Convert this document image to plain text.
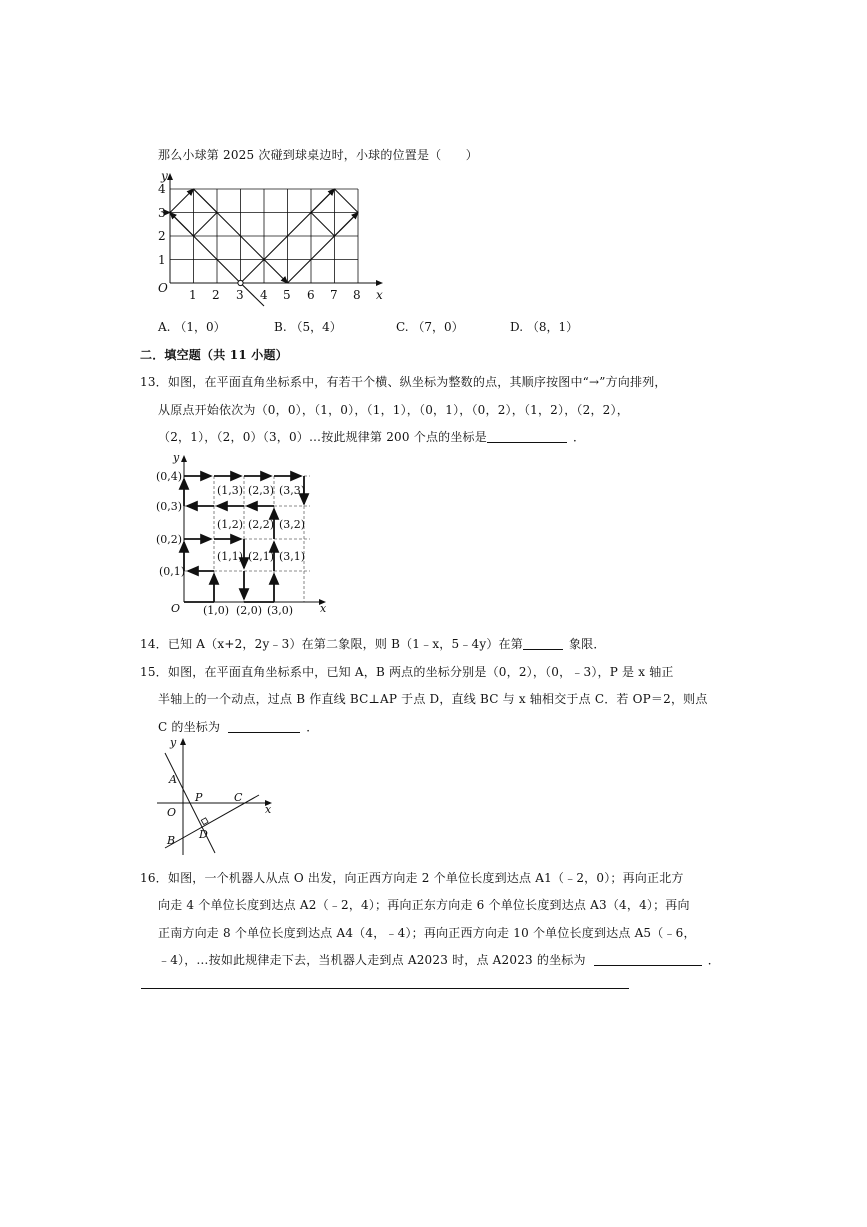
那么小球第 2025 次碰到球桌边时，小球的位置是（　　）
y
x
O 1 2 3 4 5 6 7 8
1
2
3
4
A. （1，0）	B. （5，4）	C. （7，0）	D. （8，1）
二．填空题（共 11 小题）
13．如图，在平面直角坐标系中，有若干个横、纵坐标为整数的点，其顺序按图中“→”方向排列，
从原点开始依次为（0，0），（1，0），（1，1），（0，1），（0，2），（1，2），（2，2），
（2，1），（2，0）（3，0）…按此规律第 200 个点的坐标是	．
y
x
O
(0,4)
(0,3)
(0,2)
(0,1)
(1,0) (2,0) (3,0)
(1,3) (2,3) (3,3)
(1,2) (2,2) (3,2)
(1,1) (2,1) (3,1)
14．已知 A（x+2，2y﹣3）在第二象限，则 B（1﹣x，5﹣4y）在第	象限．
15．如图，在平面直角坐标系中，已知 A，B 两点的坐标分别是（0，2），（0，﹣3），P 是 x 轴正
半轴上的一个动点，过点 B 作直线 BC⊥AP 于点 D，直线 BC 与 x 轴相交于点 C．若 OP＝2，则点
C 的坐标为	．
y
x
A
O
P	C
D
B
16．如图，一个机器人从点 O 出发，向正西方向走 2 个单位长度到达点 A1（﹣2，0）；再向正北方
向走 4 个单位长度到达点 A2（﹣2，4）；再向正东方向走 6 个单位长度到达点 A3（4，4）；再向
正南方向走 8 个单位长度到达点 A4（4，﹣4）；再向正西方向走 10 个单位长度到达点 A5（﹣6，
﹣4），…按如此规律走下去，当机器人走到点 A2023 时，点 A2023 的坐标为	．
